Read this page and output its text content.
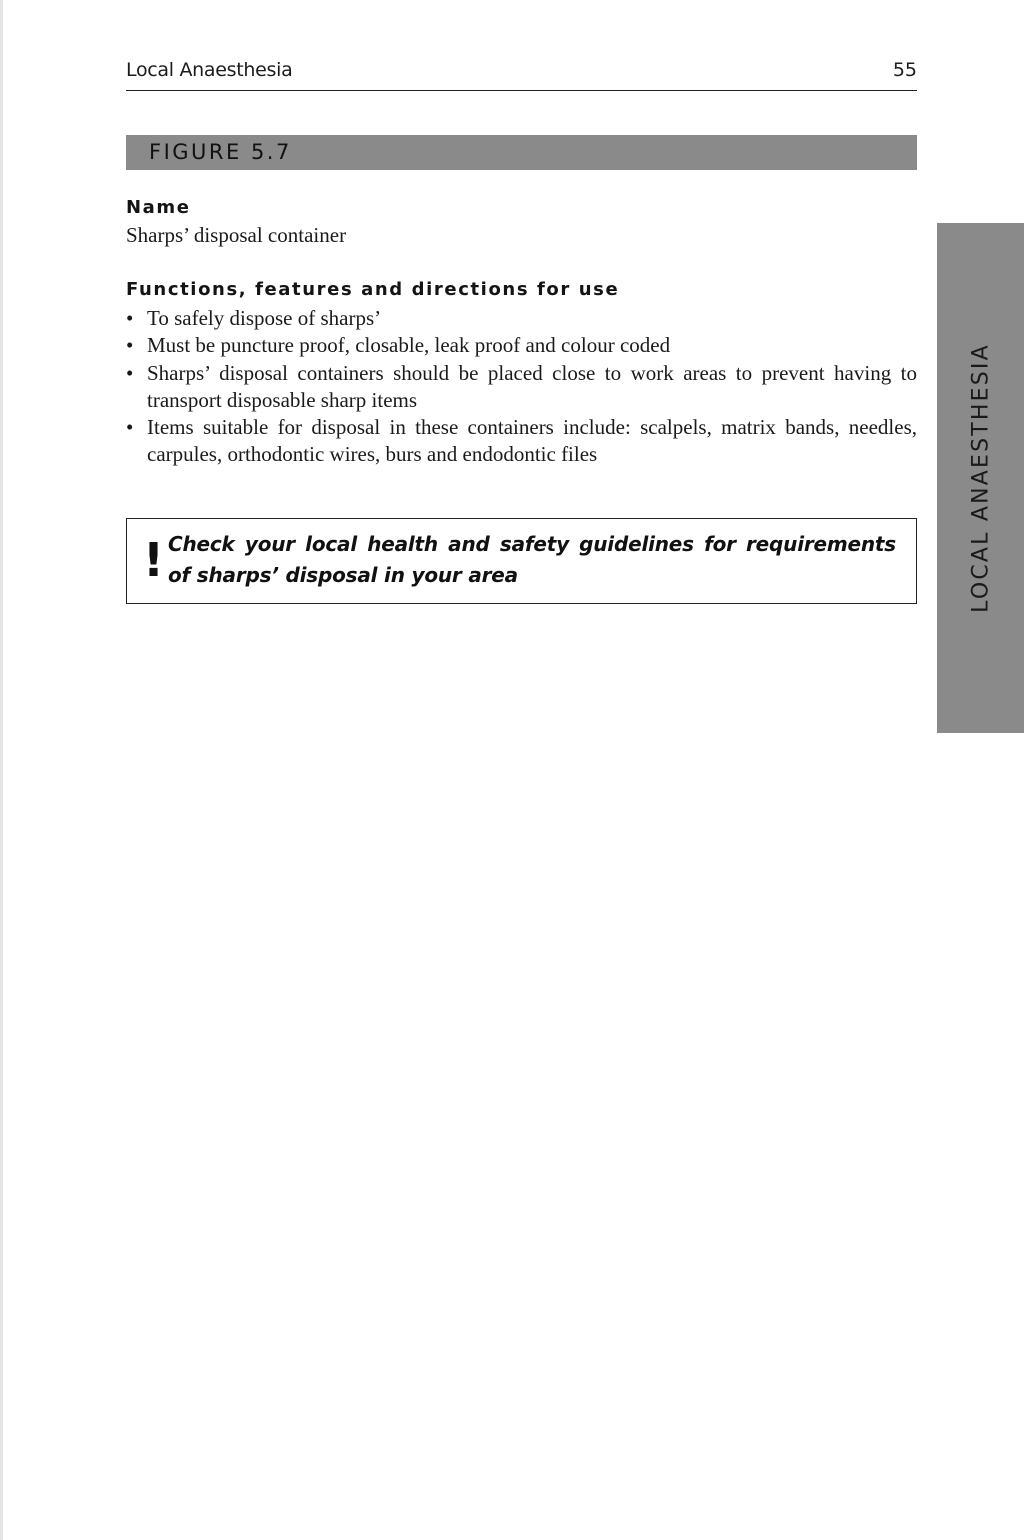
Local Anaesthesia	55
FIGURE 5.7
Name
Sharps’ disposal container
Functions, features and directions for use
• To safely dispose of sharps’
• Must be puncture proof, closable, leak proof and colour coded
• Sharps’ disposal containers should be placed close to work areas to prevent having to transport disposable sharp items
• Items suitable for disposal in these containers include: scalpels, matrix bands, needles, carpules, orthodontic wires, burs and endodontic files
! Check your local health and safety guidelines for requirements of sharps’ disposal in your area	LOCAL ANAESTHESIA
